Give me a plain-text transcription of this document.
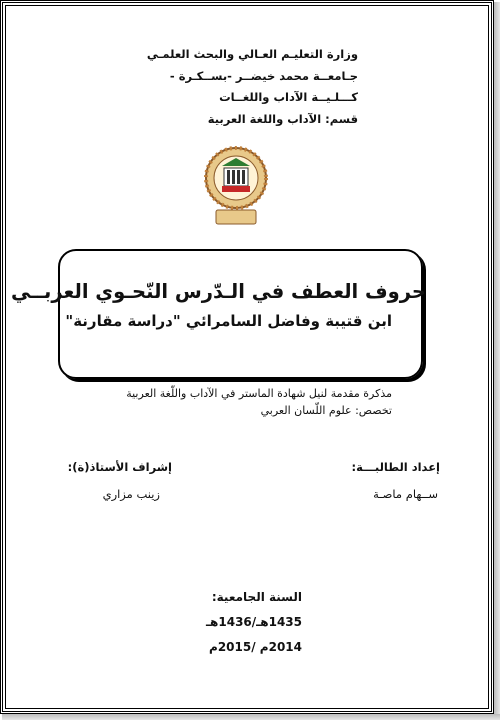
وزارة التعليـم العـالي والبحث العلمـي
جـامعــة محمد خيضــر -بســكـرة -
كـــلـيــة الآداب واللغــات
قسم: الآداب واللغة العربية
حروف العطف في الـدّرس النّحـوي العربــي
ابن قتيبة وفاضل السامرائي "دراسة مقارنة"
مذكرة مقدمة لنيل شهادة الماستر في الآداب واللّغة العربية
تخصص: علوم اللّسان العربي
إعداد الطالبـــة:
ســهام ماصـة
إشراف الأستاذ(ة):
زينب مزاري
السنة الجامعية:
1435هـ/1436هـ
2014م /2015م
